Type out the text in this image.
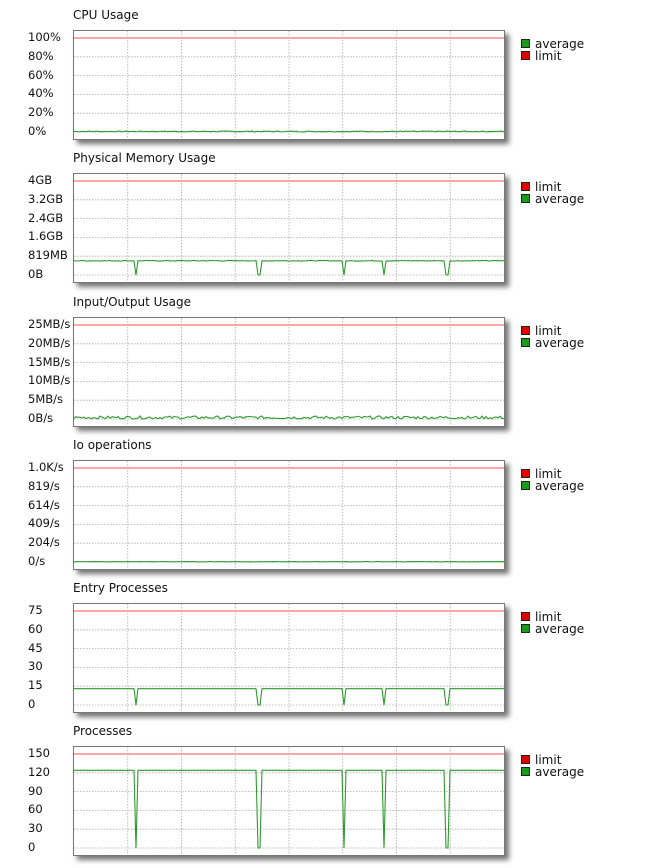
CPU Usage
100%
80%
60%
40%
20%
0%
average
limit
Physical Memory Usage
4GB
3.2GB
2.4GB
1.6GB
819MB
0B
limit
average
Input/Output Usage
25MB/s
20MB/s
15MB/s
10MB/s
5MB/s
0B/s
limit
average
Io operations
1.0K/s
819/s
614/s
409/s
204/s
0/s
limit
average
Entry Processes
75
60
45
30
15
0
limit
average
Processes
150
120
90
60
30
0
limit
average
